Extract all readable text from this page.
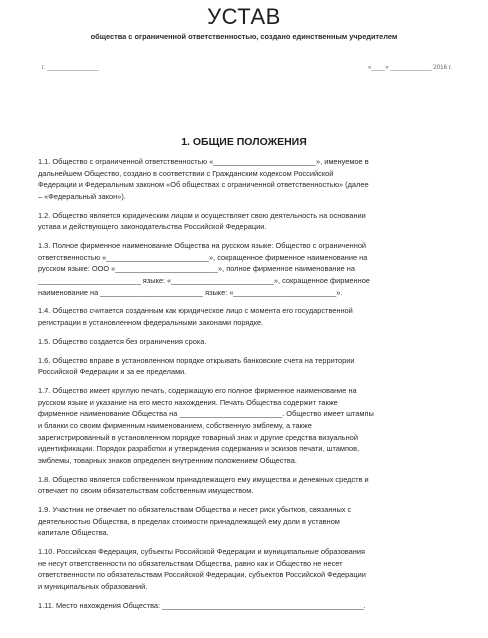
УСТАВ
общества с ограниченной ответственностью, создано единственным учредителем
г. _______________	«____» ____________ 2016 г.
1. ОБЩИЕ ПОЛОЖЕНИЯ

1.1. Общество с ограниченной ответственностью «_________________________», именуемое в
дальнейшем Общество, создано в соответствии с Гражданским кодексом Российской
Федерации и Федеральным законом «Об обществах с ограниченной ответственностью» (далее
– «Федеральный закон»).

1.2. Общество является юридическим лицом и осуществляет свою деятельность на основании
устава и действующего законодательства Российской Федерации.

1.3. Полное фирменное наименование Общества на русском языке: Общество с ограниченной
ответственностью «_________________________», сокращенное фирменное наименование на
русском языке: ООО «_________________________», полное фирменное наименование на
_________________________ языке: «_________________________», сокращенное фирменное
наименование на _________________________ языке: «_________________________».

1.4. Общество считается созданным как юридическое лицо с момента его государственной
регистрации в установленном федеральными законами порядке.

1.5. Общество создается без ограничения срока.

1.6. Общество вправе в установленном порядке открывать банковские счета на территории
Российской Федерации и за ее пределами.

1.7. Общество имеет круглую печать, содержащую его полное фирменное наименование на
русском языке и указание на его место нахождения. Печать Общества содержит также
фирменное наименование Общества на _________________________. Общество имеет штампы
и бланки со своим фирменным наименованием, собственную эмблему, а также
зарегистрированный в установленном порядке товарный знак и другие средства визуальной
идентификации. Порядок разработки и утверждения содержания и эскизов печати, штампов,
эмблемы, товарных знаков определен внутренним положением Общества.

1.8. Общество является собственником принадлежащего ему имущества и денежных средств и
отвечает по своим обязательствам собственным имуществом.

1.9. Участник не отвечает по обязательствам Общества и несет риск убытков, связанных с
деятельностью Общества, в пределах стоимости принадлежащей ему доли в уставном
капитале Общества.

1.10. Российская Федерация, субъекты Российской Федерации и муниципальные образования
не несут ответственности по обязательствам Общества, равно как и Общество не несет
ответственности по обязательствам Российской Федерации, субъектов Российской Федерации
и муниципальных образований.

1.11. Место нахождения Общества: _________________________________________________.
